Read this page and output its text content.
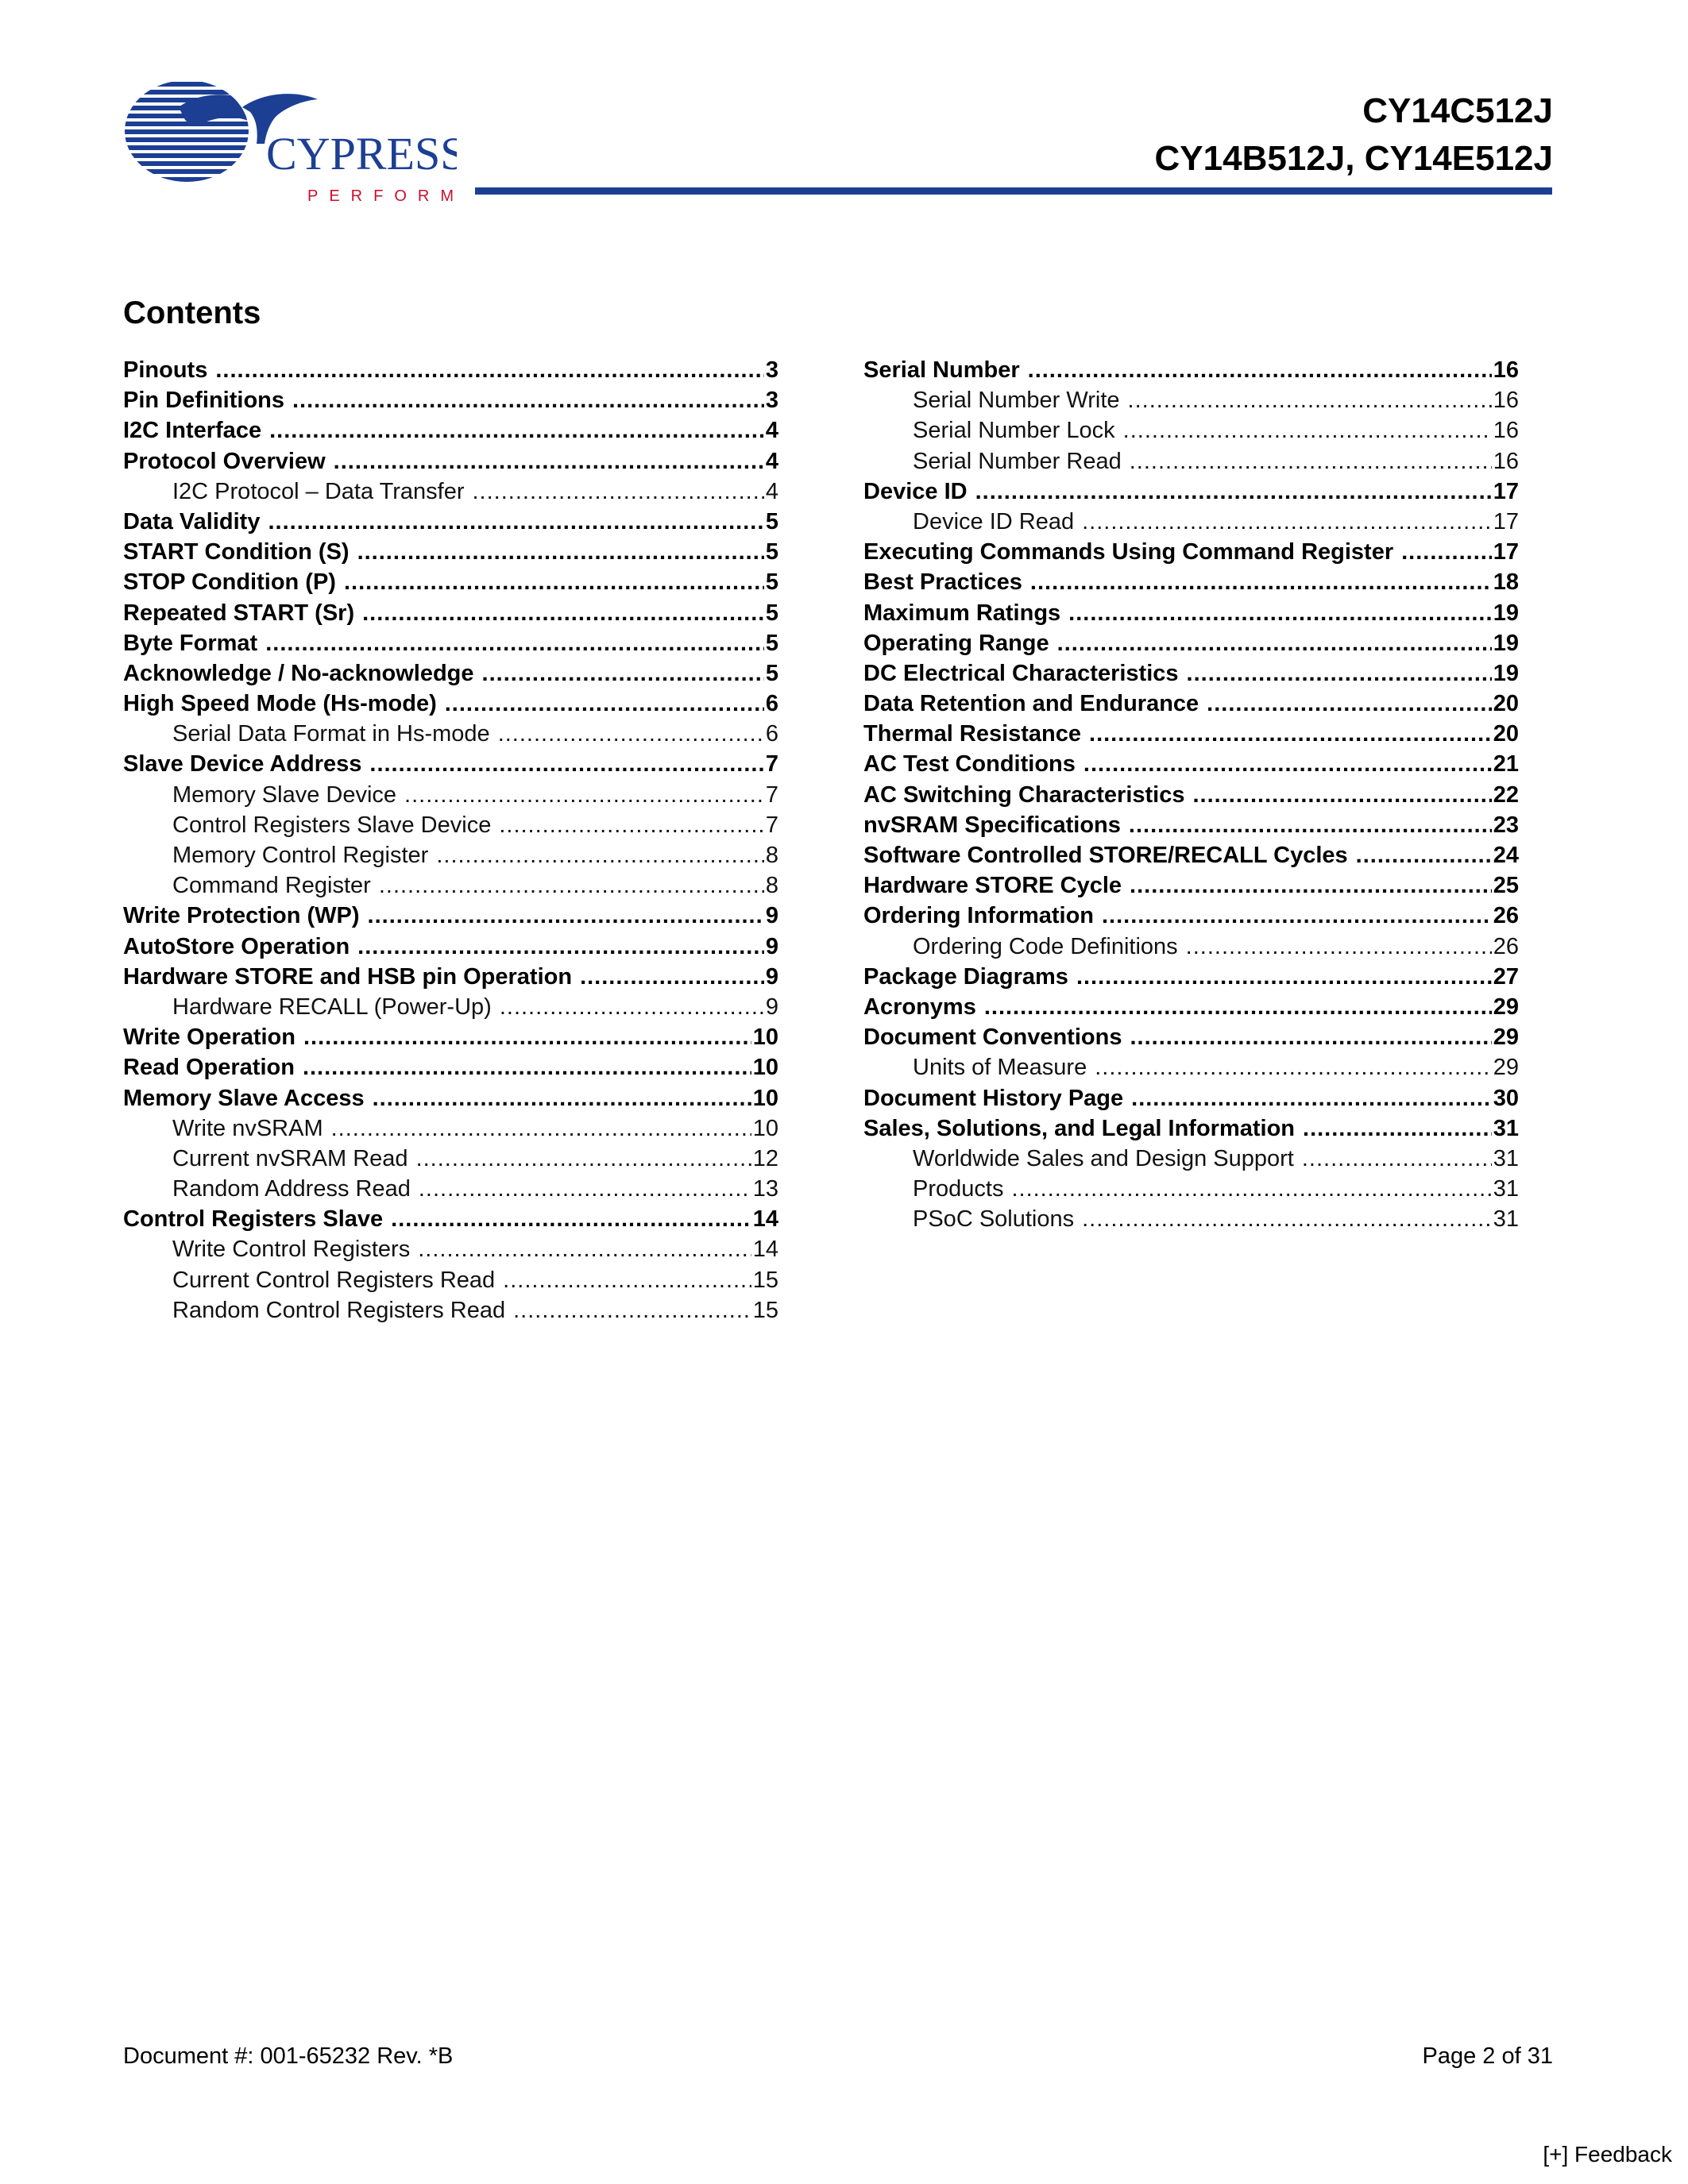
CYPRESS
PERFORM
CY14C512J
CY14B512J, CY14E512J
Contents
Pinouts .....	3
Pin Definitions .....	3
I2C Interface .....	4
Protocol Overview .....	4
I2C Protocol – Data Transfer .....	4
Data Validity .....	5
START Condition (S) .....	5
STOP Condition (P) .....	5
Repeated START (Sr) .....	5
Byte Format .....	5
Acknowledge / No-acknowledge .....	5
High Speed Mode (Hs-mode) .....	6
Serial Data Format in Hs-mode .....	6
Slave Device Address .....	7
Memory Slave Device .....	7
Control Registers Slave Device .....	7
Memory Control Register .....	8
Command Register .....	8
Write Protection (WP) .....	9
AutoStore Operation .....	9
Hardware STORE and HSB pin Operation .....	9
Hardware RECALL (Power-Up) .....	9
Write Operation .....	10
Read Operation .....	10
Memory Slave Access .....	10
Write nvSRAM .....	10
Current nvSRAM Read .....	12
Random Address Read .....	13
Control Registers Slave .....	14
Write Control Registers .....	14
Current Control Registers Read .....	15
Random Control Registers Read .....	15
Serial Number .....	16
Serial Number Write .....	16
Serial Number Lock .....	16
Serial Number Read .....	16
Device ID .....	17
Device ID Read .....	17
Executing Commands Using Command Register .....	17
Best Practices .....	18
Maximum Ratings .....	19
Operating Range .....	19
DC Electrical Characteristics .....	19
Data Retention and Endurance .....	20
Thermal Resistance .....	20
AC Test Conditions .....	21
AC Switching Characteristics .....	22
nvSRAM Specifications .....	23
Software Controlled STORE/RECALL Cycles .....	24
Hardware STORE Cycle .....	25
Ordering Information .....	26
Ordering Code Definitions .....	26
Package Diagrams .....	27
Acronyms .....	29
Document Conventions .....	29
Units of Measure .....	29
Document History Page .....	30
Sales, Solutions, and Legal Information .....	31
Worldwide Sales and Design Support .....	31
Products .....	31
PSoC Solutions .....	31
Document #: 001-65232 Rev. *B	Page 2 of 31
[+] Feedback
